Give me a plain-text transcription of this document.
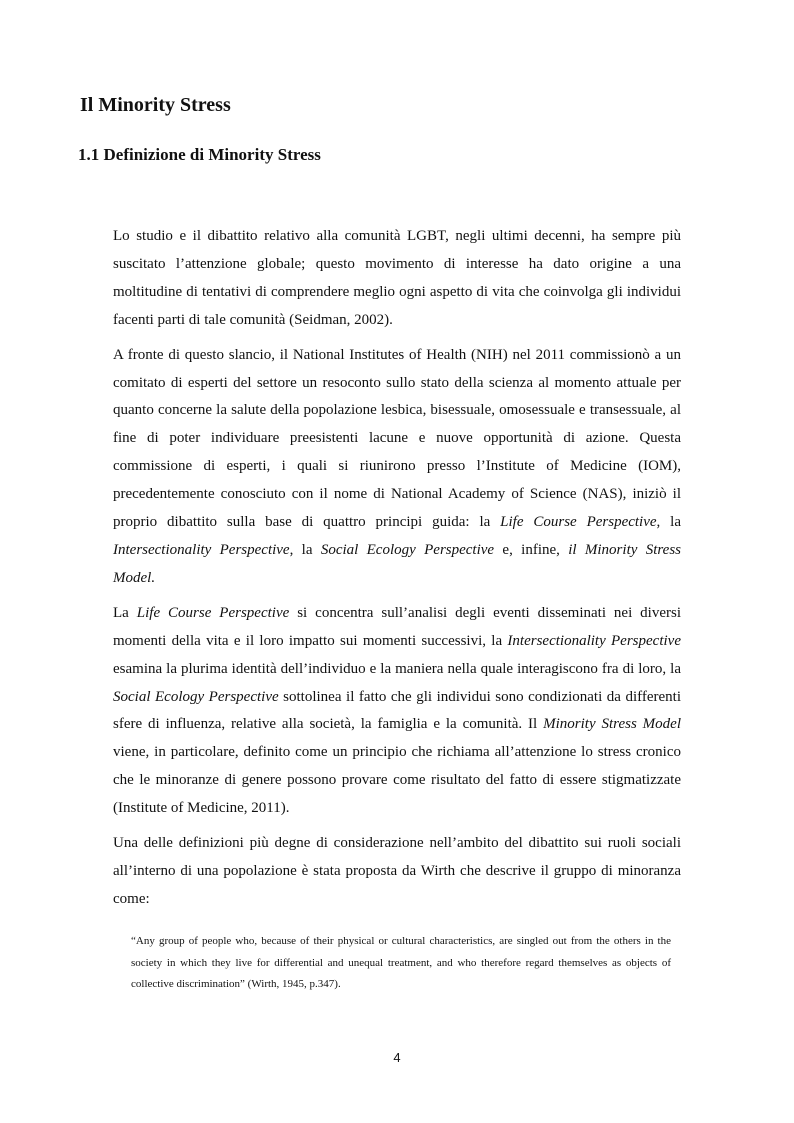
Il Minority Stress
1.1 Definizione di Minority Stress

Lo studio e il dibattito relativo alla comunità LGBT, negli ultimi decenni, ha sempre più suscitato l’attenzione globale; questo movimento di interesse ha dato origine a una moltitudine di tentativi di comprendere meglio ogni aspetto di vita che coinvolga gli individui facenti parti di tale comunità (Seidman, 2002).

A fronte di questo slancio, il National Institutes of Health (NIH) nel 2011 commissionò a un comitato di esperti del settore un resoconto sullo stato della scienza al momento attuale per quanto concerne la salute della popolazione lesbica, bisessuale, omosessuale e transessuale, al fine di poter individuare preesistenti lacune e nuove opportunità di azione. Questa commissione di esperti, i quali si riunirono presso l’Institute of Medicine (IOM), precedentemente conosciuto con il nome di National Academy of Science (NAS), iniziò il proprio dibattito sulla base di quattro principi guida: la Life Course Perspective, la Intersectionality Perspective, la Social Ecology Perspective e, infine, il Minority Stress Model.

La Life Course Perspective si concentra sull’analisi degli eventi disseminati nei diversi momenti della vita e il loro impatto sui momenti successivi, la Intersectionality Perspective esamina la plurima identità dell’individuo e la maniera nella quale interagiscono fra di loro, la Social Ecology Perspective sottolinea il fatto che gli individui sono condizionati da differenti sfere di influenza, relative alla società, la famiglia e la comunità. Il Minority Stress Model viene, in particolare, definito come un principio che richiama all’attenzione lo stress cronico che le minoranze di genere possono provare come risultato del fatto di essere stigmatizzate (Institute of Medicine, 2011).

Una delle definizioni più degne di considerazione nell’ambito del dibattito sui ruoli sociali all’interno di una popolazione è stata proposta da Wirth che descrive il gruppo di minoranza come:

“Any group of people who, because of their physical or cultural characteristics, are singled out from the others in the society in which they live for differential and unequal treatment, and who therefore regard themselves as objects of collective discrimination” (Wirth, 1945, p.347).

4
